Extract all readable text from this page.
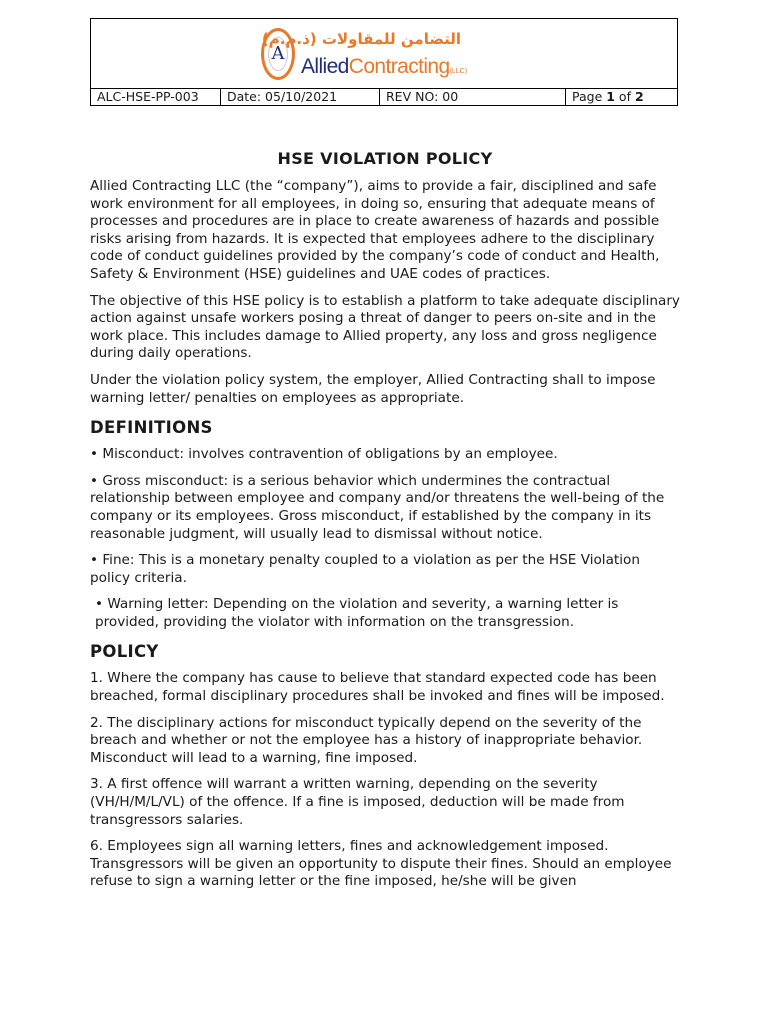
A
التضامن للمقاولات (ذ.م.م)
AlliedContracting(LLC)
ALC-HSE-PP-003	Date: 05/10/2021	REV NO: 00	Page 1 of 2
HSE VIOLATION POLICY

Allied Contracting LLC (the “company”), aims to provide a fair, disciplined and safe work environment for all employees, in doing so, ensuring that adequate means of processes and procedures are in place to create awareness of hazards and possible risks arising from hazards. It is expected that employees adhere to the disciplinary code of conduct guidelines provided by the company’s code of conduct and Health, Safety & Environment (HSE) guidelines and UAE codes of practices.

The objective of this HSE policy is to establish a platform to take adequate disciplinary action against unsafe workers posing a threat of danger to peers on-site and in the work place. This includes damage to Allied property, any loss and gross negligence during daily operations.

Under the violation policy system, the employer, Allied Contracting shall to impose warning letter/ penalties on employees as appropriate.

DEFINITIONS

• Misconduct: involves contravention of obligations by an employee.

• Gross misconduct: is a serious behavior which undermines the contractual relationship between employee and company and/or threatens the well-being of the company or its employees. Gross misconduct, if established by the company in its reasonable judgment, will usually lead to dismissal without notice.

• Fine: This is a monetary penalty coupled to a violation as per the HSE Violation policy criteria.

• Warning letter: Depending on the violation and severity, a warning letter is provided, providing the violator with information on the transgression.

POLICY

1. Where the company has cause to believe that standard expected code has been breached, formal disciplinary procedures shall be invoked and fines will be imposed.

2. The disciplinary actions for misconduct typically depend on the severity of the breach and whether or not the employee has a history of inappropriate behavior. Misconduct will lead to a warning, fine imposed.

3. A first offence will warrant a written warning, depending on the severity (VH/H/M/L/VL) of the offence. If a fine is imposed, deduction will be made from transgressors salaries.

6. Employees sign all warning letters, fines and acknowledgement imposed. Transgressors will be given an opportunity to dispute their fines. Should an employee refuse to sign a warning letter or the fine imposed, he/she will be given
